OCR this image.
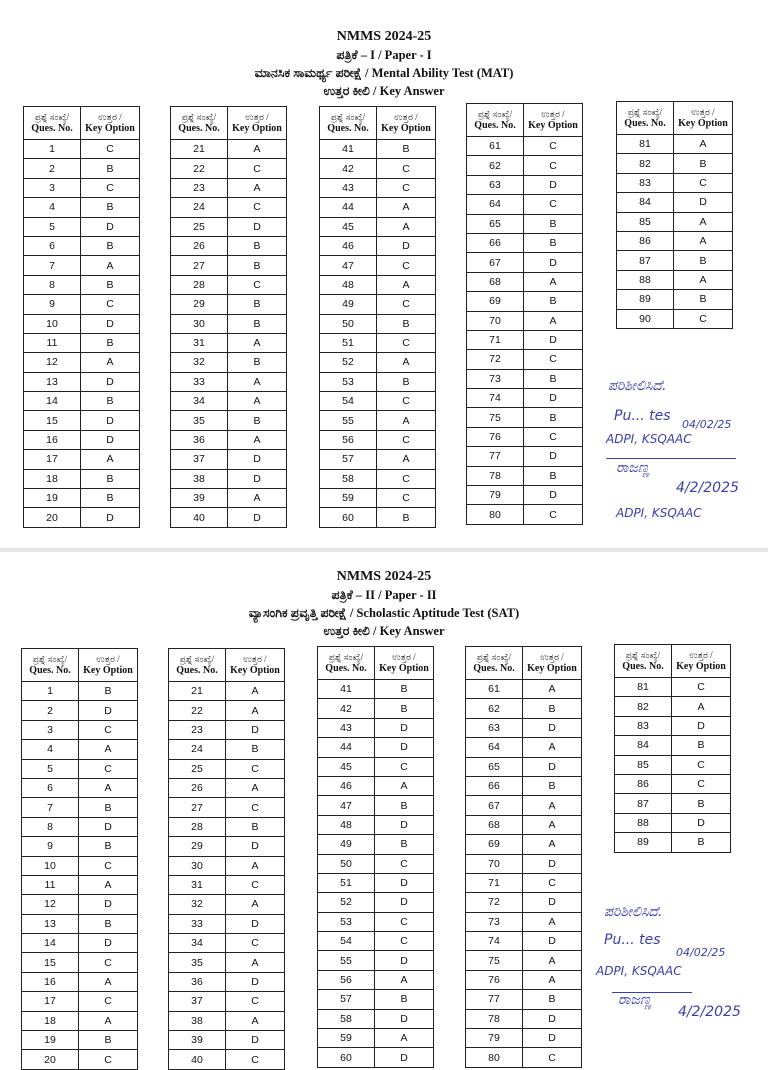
NMMS 2024-25
ಪತ್ರಿಕೆ – I / Paper - I
ಮಾನಸಿಕ ಸಾಮರ್ಥ್ಯ ಪರೀಕ್ಷೆ / Mental Ability Test (MAT)
ಉತ್ತರ ಕೀಲಿ / Key Answer
ಪ್ರಶ್ನೆ ಸಂಖ್ಯೆ/
Ques. No.	ಉತ್ತರ /
Key Option
1	C
2	B
3	C
4	B
5	D
6	B
7	A
8	B
9	C
10	D
11	B
12	A
13	D
14	B
15	D
16	D
17	A
18	B
19	B
20	D
ಪ್ರಶ್ನೆ ಸಂಖ್ಯೆ/
Ques. No.	ಉತ್ತರ /
Key Option
21	A
22	C
23	A
24	C
25	D
26	B
27	B
28	C
29	B
30	B
31	A
32	B
33	A
34	A
35	B
36	A
37	D
38	D
39	A
40	D
ಪ್ರಶ್ನೆ ಸಂಖ್ಯೆ/
Ques. No.	ಉತ್ತರ /
Key Option
41	B
42	C
43	C
44	A
45	A
46	D
47	C
48	A
49	C
50	B
51	C
52	A
53	B
54	C
55	A
56	C
57	A
58	C
59	C
60	B
ಪ್ರಶ್ನೆ ಸಂಖ್ಯೆ/
Ques. No.	ಉತ್ತರ /
Key Option
61	C
62	C
63	D
64	C
65	B
66	B
67	D
68	A
69	B
70	A
71	D
72	C
73	B
74	D
75	B
76	C
77	D
78	B
79	D
80	C
ಪ್ರಶ್ನೆ ಸಂಖ್ಯೆ/
Ques. No.	ಉತ್ತರ /
Key Option
81	A
82	B
83	C
84	D
85	A
86	A
87	B
88	A
89	B
90	C
ಪರಿಶೀಲಿಸಿದೆ.
Pu... tes
04/02/25
ADPI, KSQAAC
ರಾಜಣ್ಣ
4/2/2025
ADPI, KSQAAC
NMMS 2024-25
ಪತ್ರಿಕೆ – II / Paper - II
ವ್ಯಾಸಂಗಿಕ ಪ್ರವೃತ್ತಿ ಪರೀಕ್ಷೆ / Scholastic Aptitude Test (SAT)
ಉತ್ತರ ಕೀಲಿ / Key Answer
ಪ್ರಶ್ನೆ ಸಂಖ್ಯೆ/
Ques. No.	ಉತ್ತರ /
Key Option
1	B
2	D
3	C
4	A
5	C
6	A
7	B
8	D
9	B
10	C
11	A
12	D
13	B
14	D
15	C
16	A
17	C
18	A
19	B
20	C
ಪ್ರಶ್ನೆ ಸಂಖ್ಯೆ/
Ques. No.	ಉತ್ತರ /
Key Option
21	A
22	A
23	D
24	B
25	C
26	A
27	C
28	B
29	D
30	A
31	C
32	A
33	D
34	C
35	A
36	D
37	C
38	A
39	D
40	C
ಪ್ರಶ್ನೆ ಸಂಖ್ಯೆ/
Ques. No.	ಉತ್ತರ /
Key Option
41	B
42	B
43	D
44	D
45	C
46	A
47	B
48	D
49	B
50	C
51	D
52	D
53	C
54	C
55	D
56	A
57	B
58	D
59	A
60	D
ಪ್ರಶ್ನೆ ಸಂಖ್ಯೆ/
Ques. No.	ಉತ್ತರ /
Key Option
61	A
62	B
63	D
64	A
65	D
66	B
67	A
68	A
69	A
70	D
71	C
72	D
73	A
74	D
75	A
76	A
77	B
78	D
79	D
80	C
ಪ್ರಶ್ನೆ ಸಂಖ್ಯೆ/
Ques. No.	ಉತ್ತರ /
Key Option
81	C
82	A
83	D
84	B
85	C
86	C
87	B
88	D
89	B
ಪರಿಶೀಲಿಸಿದೆ.
Pu... tes
04/02/25
ADPI, KSQAAC
ರಾಜಣ್ಣ
4/2/2025
